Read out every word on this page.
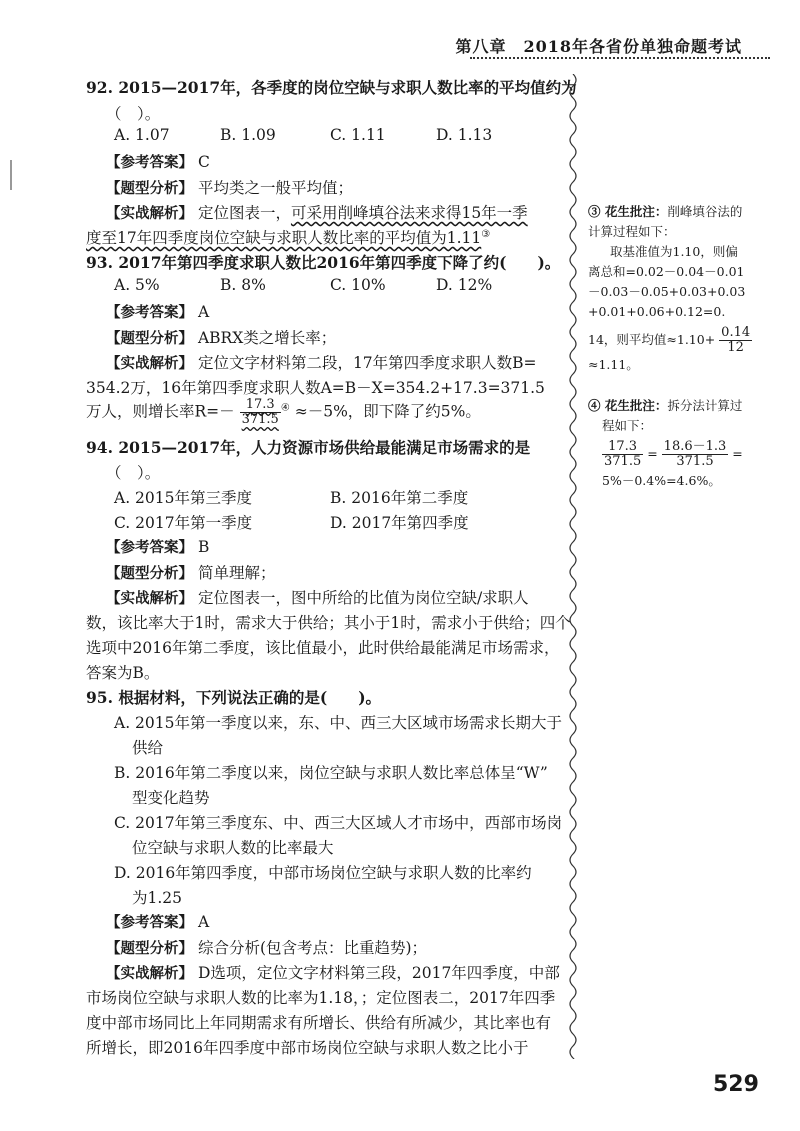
第八章　2018年各省份单独命题考试
92. 2015—2017年，各季度的岗位空缺与求职人数比率的平均值约为
（　）。
A. 1.07	B. 1.09	C. 1.11	D. 1.13
【参考答案】 C
【题型分析】 平均类之一般平均值；
【实战解析】 定位图表一，可采用削峰填谷法来求得15年一季
度至17年四季度岗位空缺与求职人数比率的平均值为1.11③
93. 2017年第四季度求职人数比2016年第四季度下降了约(　　)。
A. 5%	B. 8%	C. 10%	D. 12%
【参考答案】 A
【题型分析】 ABRX类之增长率；
【实战解析】 定位文字材料第二段，17年第四季度求职人数B=
354.2万，16年第四季度求职人数A=B－X=354.2+17.3=371.5
万人，则增长率$R=- \frac{17.3}{371.5} ^④ \approx-5\%$，即下降了约5%。
94. 2015—2017年，人力资源市场供给最能满足市场需求的是
（　）。
A. 2015年第三季度	B. 2016年第二季度
C. 2017年第一季度	D. 2017年第四季度
【参考答案】 B
【题型分析】 简单理解；
【实战解析】 定位图表一，图中所给的比值为岗位空缺/求职人
数，该比率大于1时，需求大于供给；其小于1时，需求小于供给；四个
选项中2016年第二季度，该比值最小，此时供给最能满足市场需求，
答案为B。
95. 根据材料，下列说法正确的是(　　)。
A. 2015年第一季度以来，东、中、西三大区域市场需求长期大于
供给
B. 2016年第二季度以来，岗位空缺与求职人数比率总体呈“W”
型变化趋势
C. 2017年第三季度东、中、西三大区域人才市场中，西部市场岗
位空缺与求职人数的比率最大
D. 2016年第四季度，中部市场岗位空缺与求职人数的比率约
为1.25
【参考答案】 A
【题型分析】 综合分析(包含考点：比重趋势)；
【实战解析】 D选项，定位文字材料第三段，2017年四季度，中部
市场岗位空缺与求职人数的比率为1.18，；定位图表二，2017年四季
度中部市场同比上年同期需求有所增长、供给有所减少，其比率也有
所增长，即2016年四季度中部市场岗位空缺与求职人数之比小于
③ 花生批注：削峰填谷法的
计算过程如下：
取基准值为1.10，则偏
离总和=0.02－0.04－0.01
－0.03－0.05+0.03+0.03
+0.01+0.06+0.12=0.
14，则平均值$\approx 1.10+ \frac{0.14}{12}$
≈1.11。
④ 花生批注：拆分法计算过
程如下：
$\frac{17.3}{371.5} = \frac{18.6-1.3}{371.5}$ =
5%－0.4%=4.6%。
529
